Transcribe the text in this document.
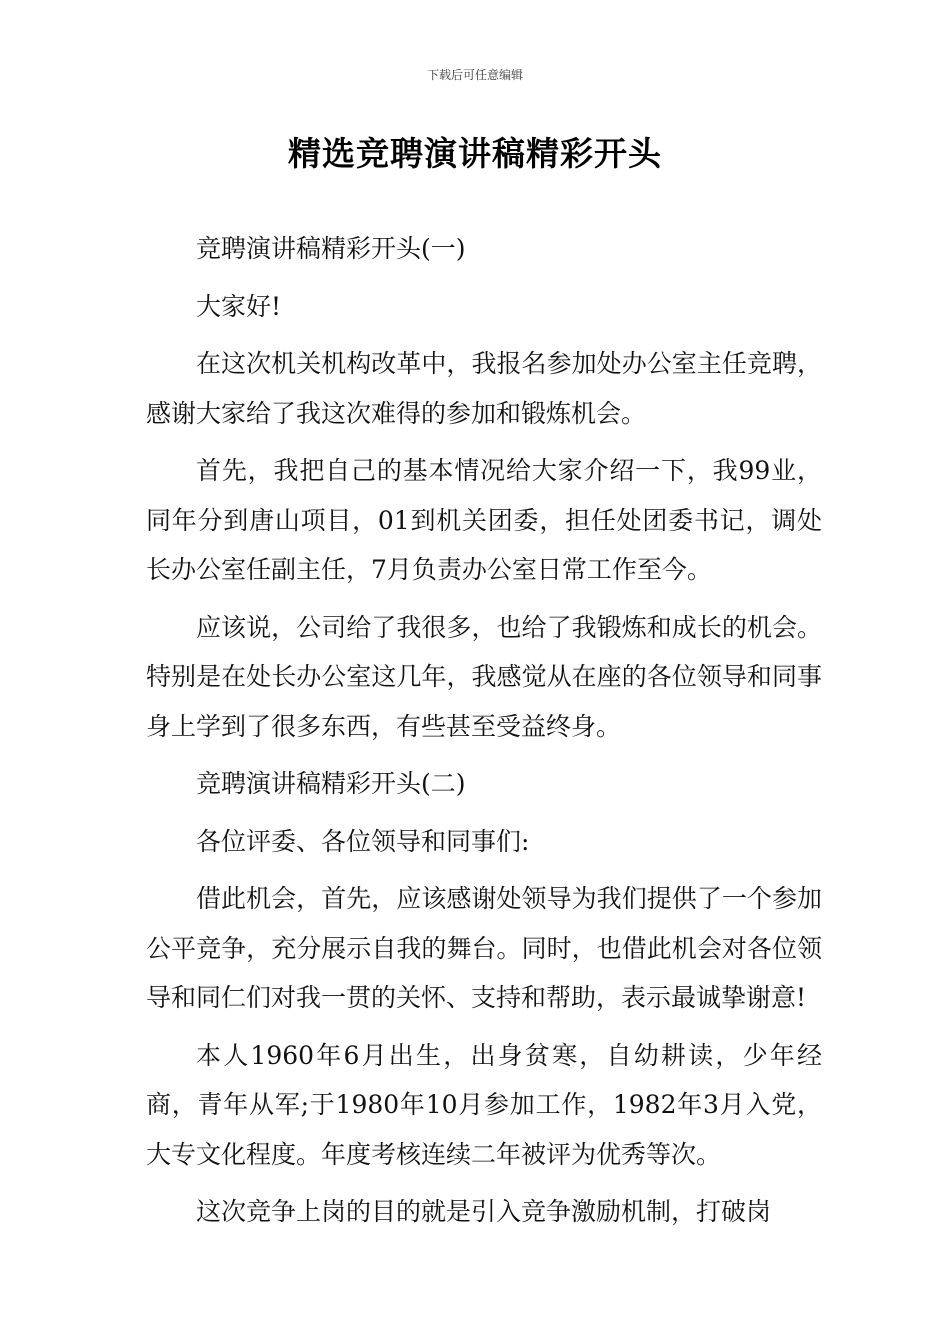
下载后可任意编辑
精选竞聘演讲稿精彩开头

竞聘演讲稿精彩开头(一)

大家好!

在这次机关机构改革中，我报名参加处办公室主任竞聘，感谢大家给了我这次难得的参加和锻炼机会。

首先，我把自己的基本情况给大家介绍一下，我99业，同年分到唐山项目，01到机关团委，担任处团委书记，调处长办公室任副主任，7月负责办公室日常工作至今。

应该说，公司给了我很多，也给了我锻炼和成长的机会。特别是在处长办公室这几年，我感觉从在座的各位领导和同事身上学到了很多东西，有些甚至受益终身。

竞聘演讲稿精彩开头(二)

各位评委、各位领导和同事们:

借此机会，首先，应该感谢处领导为我们提供了一个参加公平竞争，充分展示自我的舞台。同时，也借此机会对各位领导和同仁们对我一贯的关怀、支持和帮助，表示最诚挚谢意!

本人1960年6月出生，出身贫寒，自幼耕读，少年经商，青年从军;于1980年10月参加工作，1982年3月入党，大专文化程度。年度考核连续二年被评为优秀等次。

这次竞争上岗的目的就是引入竞争激励机制，打破岗
